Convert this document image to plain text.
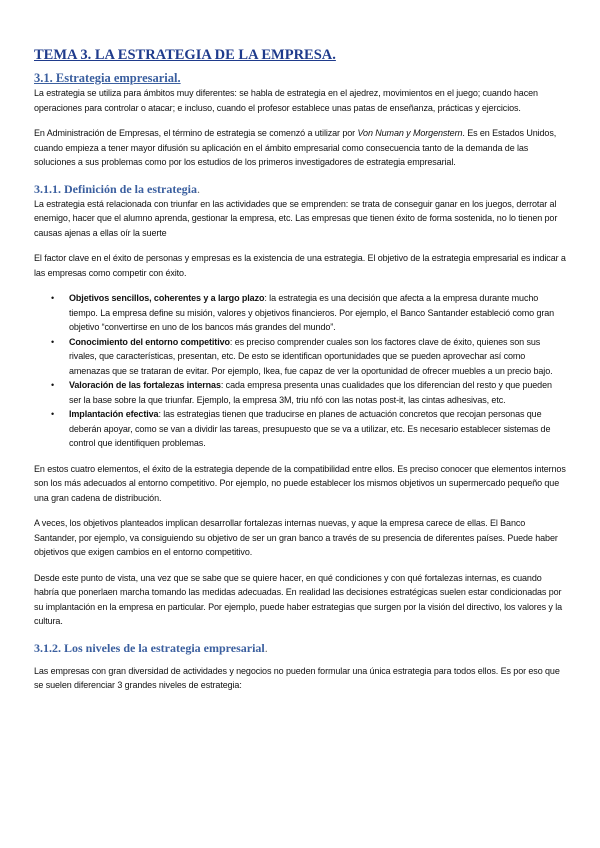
TEMA 3. LA ESTRATEGIA DE LA EMPRESA.
3.1. Estrategia empresarial.

La estrategia se utiliza para ámbitos muy diferentes: se habla de estrategia en el ajedrez, movimientos en el juego; cuando hacen operaciones para controlar o atacar; e incluso, cuando el profesor establece unas patas de enseñanza, prácticas y ejercicios.

En Administración de Empresas, el término de estrategia se comenzó a utilizar por Von Numan y Morgenstern. Es en Estados Unidos, cuando empieza a tener mayor difusión su aplicación en el ámbito empresarial como consecuencia tanto de la demanda de las soluciones a sus problemas como por los estudios de los primeros investigadores de estrategia empresarial.

3.1.1. Definición de la estrategia.

La estrategia está relacionada con triunfar en las actividades que se emprenden: se trata de conseguir ganar en los juegos, derrotar al enemigo, hacer que el alumno aprenda, gestionar la empresa, etc. Las empresas que tienen éxito de forma sostenida, no lo tienen por causas ajenas a ellas oír la suerte

El factor clave en el éxito de personas y empresas es la existencia de una estrategia. El objetivo de la estrategia empresarial es indicar a las empresas como competir con éxito.

• Objetivos sencillos, coherentes y a largo plazo: la estrategia es una decisión que afecta a la empresa durante mucho tiempo. La empresa define su misión, valores y objetivos financieros. Por ejemplo, el Banco Santander estableció como gran objetivo “convertirse en uno de los bancos más grandes del mundo”.
• Conocimiento del entorno competitivo: es preciso comprender cuales son los factores clave de éxito, quienes son sus rivales, que características, presentan, etc. De esto se identifican oportunidades que se pueden aprovechar así como amenazas que se trataran de evitar. Por ejemplo, Ikea, fue capaz de ver la oportunidad de ofrecer muebles a un precio bajo.
• Valoración de las fortalezas internas: cada empresa presenta unas cualidades que los diferencian del resto y que pueden ser la base sobre la que triunfar. Ejemplo, la empresa 3M, triu nfó con las notas post-it, las cintas adhesivas, etc.
• Implantación efectiva: las estrategias tienen que traducirse en planes de actuación concretos que recojan personas que deberán apoyar, como se van a dividir las tareas, presupuesto que se va a utilizar, etc. Es necesario establecer sistemas de control que identifiquen problemas.

En estos cuatro elementos, el éxito de la estrategia depende de la compatibilidad entre ellos. Es preciso conocer que elementos internos son los más adecuados al entorno competitivo. Por ejemplo, no puede establecer los mismos objetivos un supermercado pequeño que una gran cadena de distribución.

A veces, los objetivos planteados implican desarrollar fortalezas internas nuevas, y aque la empresa carece de ellas. El Banco Santander, por ejemplo, va consiguiendo su objetivo de ser un gran banco a través de su presencia de diferentes países. Puede haber objetivos que exigen cambios en el entorno competitivo.

Desde este punto de vista, una vez que se sabe que se quiere hacer, en qué condiciones y con qué fortalezas internas, es cuando habría que ponerlaen marcha tomando las medidas adecuadas. En realidad las decisiones estratégicas suelen estar condicionadas por su implantación en la empresa en particular. Por ejemplo, puede haber estrategias que surgen por la visión del directivo, los valores y la cultura.

3.1.2. Los niveles de la estrategia empresarial.

Las empresas con gran diversidad de actividades y negocios no pueden formular una única estrategia para todos ellos. Es por eso que se suelen diferenciar 3 grandes niveles de estrategia:
